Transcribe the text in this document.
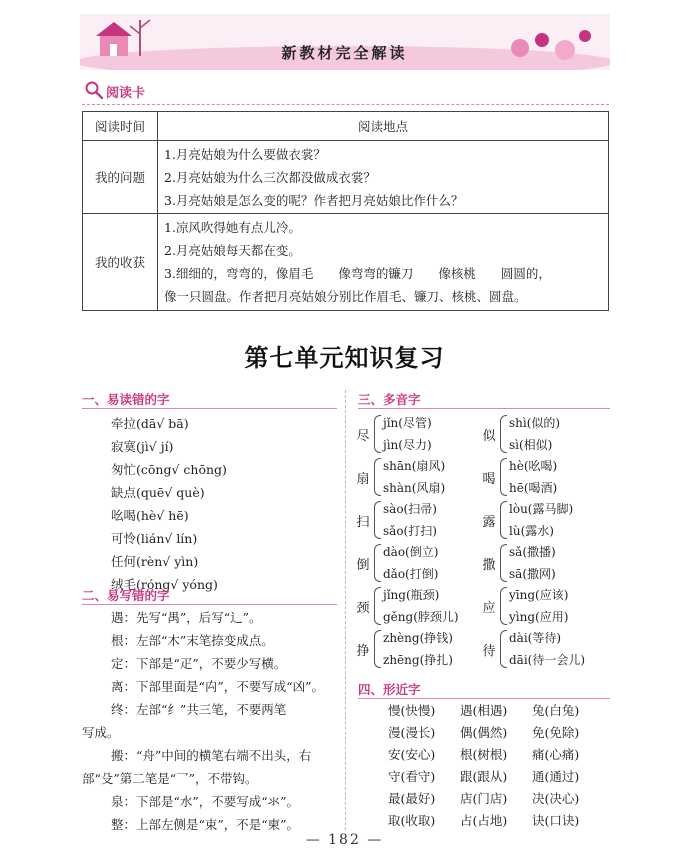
新教材完全解读
阅读卡
阅读时间	阅读地点
我的问题	1.月亮姑娘为什么要做衣裳？
2.月亮姑娘为什么三次都没做成衣裳？
3.月亮姑娘是怎么变的呢？作者把月亮姑娘比作什么？

我的收获	1.凉风吹得她有点儿冷。
2.月亮姑娘每天都在变。
3.细细的，弯弯的，像眉毛　　像弯弯的镰刀　　像核桃　　圆圆的，
像一只圆盘。作者把月亮姑娘分别比作眉毛、镰刀、核桃、圆盘。
第七单元知识复习
一、易读错的字
牵拉(dā√ bā)
寂寞(jì√ jí)
匆忙(cōng√ chōng)
缺点(quē√ què)
吆喝(hè√ hē)
可怜(lián√ lín)
任何(rèn√ yìn)
绒毛(róng√ yóng)
二、易写错的字
遇：先写“禺”，后写“辶”。
根：左部“木”末笔捺变成点。
定：下部是“疋”，不要少写横。
离：下部里面是“禸”，不要写成“凶”。
终：左部“纟”共三笔，不要两笔
写成。
搬：“舟”中间的横笔右端不出头，右
部“殳”第二笔是“乛”，不带钩。
泉：下部是“水”，不要写成“氺”。
整：上部左侧是“束”，不是“柬”。
三、多音字
尽
jǐn(尽管)
jìn(尽力)
扇
shān(扇风)
shàn(风扇)
扫
sào(扫帚)
sǎo(打扫)
倒
dào(倒立)
dǎo(打倒)
颈
jǐng(瓶颈)
gěng(脖颈儿)
挣
zhèng(挣钱)
zhēng(挣扎)
似
shì(似的)
sì(相似)
喝
hè(吆喝)
hē(喝酒)
露
lòu(露马脚)
lù(露水)
撒
sǎ(撒播)
sā(撒网)
应
yīng(应该)
yìng(应用)
待
dài(等待)
dāi(待一会儿)
四、形近字
慢(快慢)	遇(相遇)	兔(白兔)
漫(漫长)	偶(偶然)	免(免除)
安(安心)	根(树根)	痛(心痛)
守(看守)	跟(跟从)	通(通过)
最(最好)	店(门店)	决(决心)
取(收取)	占(占地)	诀(口诀)
— 182 —
